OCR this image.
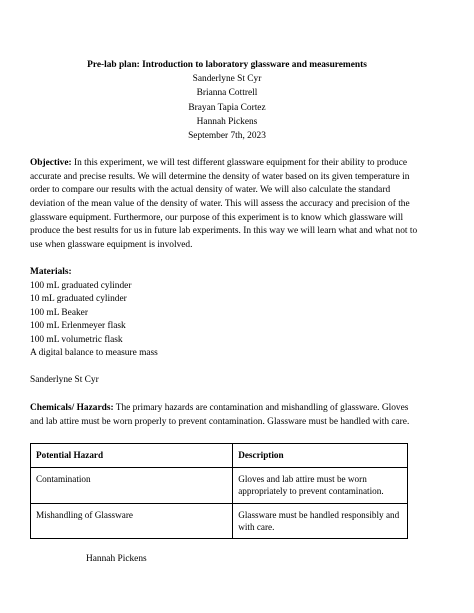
Pre-lab plan: Introduction to laboratory glassware and measurements
Sanderlyne St Cyr
Brianna Cottrell
Brayan Tapia Cortez
Hannah Pickens
September 7th, 2023

Objective: In this experiment, we will test different glassware equipment for their ability to produce accurate and precise results. We will determine the density of water based on its given temperature in order to compare our results with the actual density of water. We will also calculate the standard deviation of the mean value of the density of water. This will assess the accuracy and precision of the glassware equipment. Furthermore, our purpose of this experiment is to know which glassware will produce the best results for us in future lab experiments. In this way we will learn what and what not to use when glassware equipment is involved.

Materials:
100 mL graduated cylinder
10 mL graduated cylinder
100 mL Beaker
100 mL Erlenmeyer flask
100 mL volumetric flask
A digital balance to measure mass
Sanderlyne St Cyr

Chemicals/ Hazards: The primary hazards are contamination and mishandling of glassware. Gloves and lab attire must be worn properly to prevent contamination. Glassware must be handled with care.

Potential Hazard	Description
Contamination	Gloves and lab attire must be worn appropriately to prevent contamination.
Mishandling of Glassware	Glassware must be handled responsibly and with care.
Hannah Pickens
